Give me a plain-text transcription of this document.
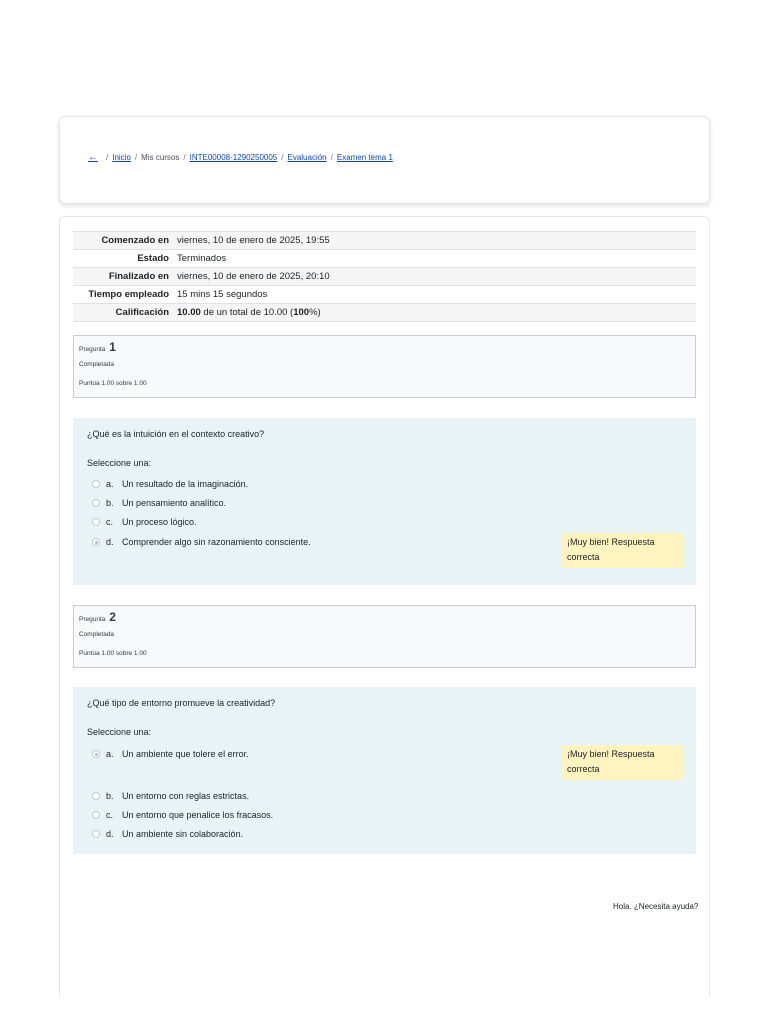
← / Inicio / Mis cursos / INTE00008-1290250005 / Evaluación / Examen tema 1
Comenzado en	viernes, 10 de enero de 2025, 19:55
Estado	Terminados
Finalizado en	viernes, 10 de enero de 2025, 20:10
Tiempo empleado	15 mins 15 segundos
Calificación	10.00 de un total de 10.00 (100%)
Pregunta 1
Completada
Puntúa 1.00 sobre 1.00
¿Qué es la intuición en el contexto creativo?
Seleccione una:
a. Un resultado de la imaginación.
b. Un pensamiento analítico.
c. Un proceso lógico.
d. Comprender algo sin razonamiento consciente.	¡Muy bien! Respuesta correcta
Pregunta 2
Completada
Puntúa 1.00 sobre 1.00
¿Qué tipo de entorno promueve la creatividad?
Seleccione una:
a. Un ambiente que tolere el error.	¡Muy bien! Respuesta correcta
b. Un entorno con reglas estrictas.
c. Un entorno que penalice los fracasos.
d. Un ambiente sin colaboración.
Hola. ¿Necesita ayuda?
